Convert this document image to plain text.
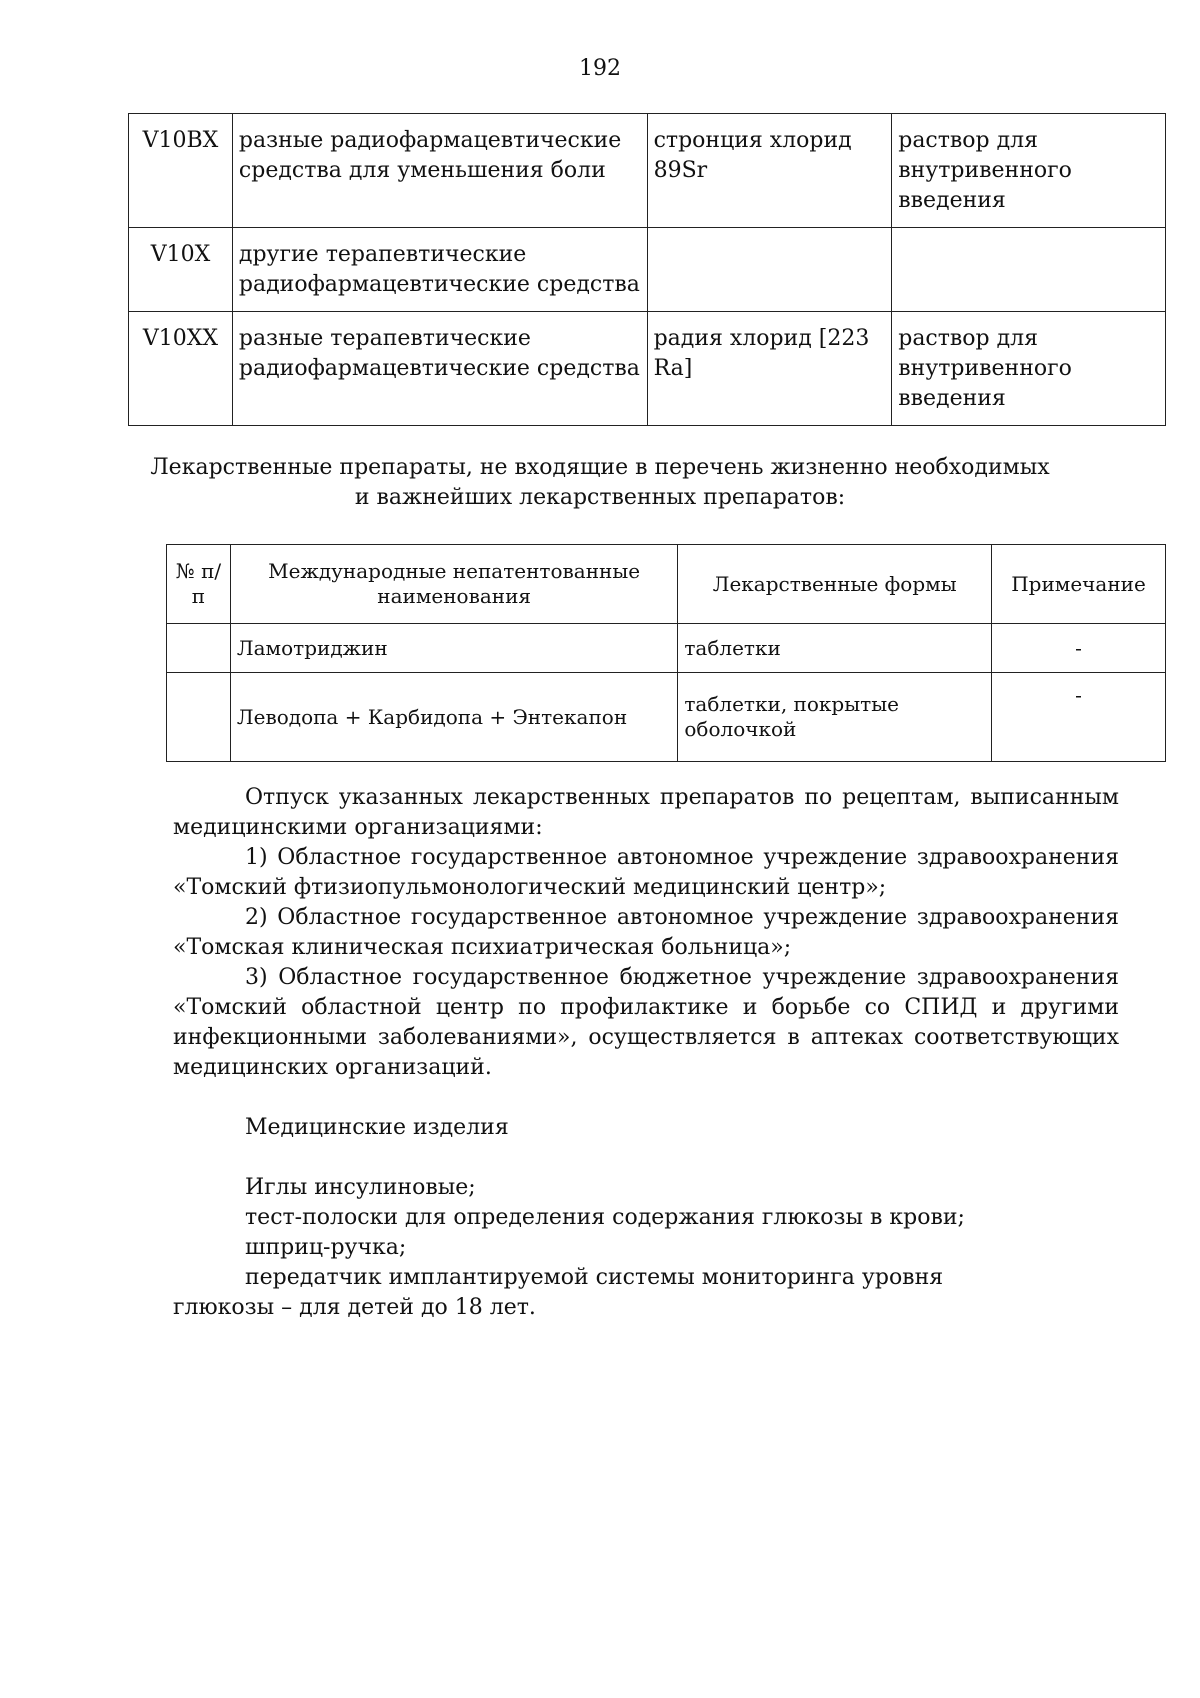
192
V10BX	разные радиофармацевтические средства для уменьшения боли	стронция хлорид 89Sr	раствор для внутривенного введения
V10X	другие терапевтические радиофармацевтические средства		
V10XX	разные терапевтические радиофармацевтические средства	радия хлорид [223 Ra]	раствор для внутривенного введения
Лекарственные препараты, не входящие в перечень жизненно необходимых
и важнейших лекарственных препаратов:
№ п/п	Международные непатентованные наименования	Лекарственные формы	Примечание
	Ламотриджин	таблетки	-
	Леводопа + Карбидопа + Энтекапон	таблетки, покрытые оболочкой	-

Отпуск указанных лекарственных препаратов по рецептам, выписанным медицинскими организациями:

1) Областное государственное автономное учреждение здравоохранения «Томский фтизиопульмонологический медицинский центр»;

2) Областное государственное автономное учреждение здравоохранения «Томская клиническая психиатрическая больница»;

3) Областное государственное бюджетное учреждение здравоохранения «Томский областной центр по профилактике и борьбе со СПИД и другими инфекционными заболеваниями», осуществляется в аптеках соответствующих медицинских организаций.

Медицинские изделия

Иглы инсулиновые;

тест-полоски для определения содержания глюкозы в крови;

шприц-ручка;

передатчик имплантируемой системы мониторинга уровня глюкозы – для детей до 18 лет.
